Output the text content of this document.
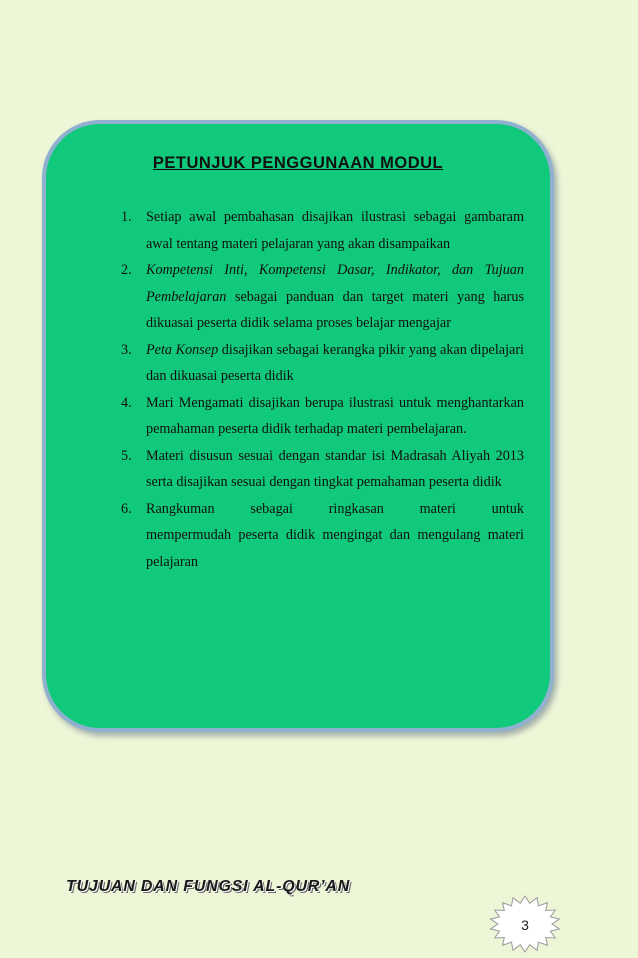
PETUNJUK PENGGUNAAN MODUL
1. Setiap awal pembahasan disajikan ilustrasi sebagai gambaram awal tentang materi pelajaran yang akan disampaikan
2. Kompetensi Inti, Kompetensi Dasar, Indikator, dan Tujuan Pembelajaran sebagai panduan dan target materi yang harus dikuasai peserta didik selama proses belajar mengajar
3. Peta Konsep disajikan sebagai kerangka pikir yang akan dipelajari dan dikuasai peserta didik
4. Mari Mengamati disajikan berupa ilustrasi untuk menghantarkan pemahaman peserta didik terhadap materi pembelajaran.
5. Materi disusun sesuai dengan standar isi Madrasah Aliyah 2013 serta disajikan sesuai dengan tingkat pemahaman peserta didik
6. Rangkuman sebagai ringkasan materi untuk
mempermudah peserta didik mengingat dan mengulang materi pelajaran
TUJUAN DAN FUNGSI AL-QUR’AN
3
